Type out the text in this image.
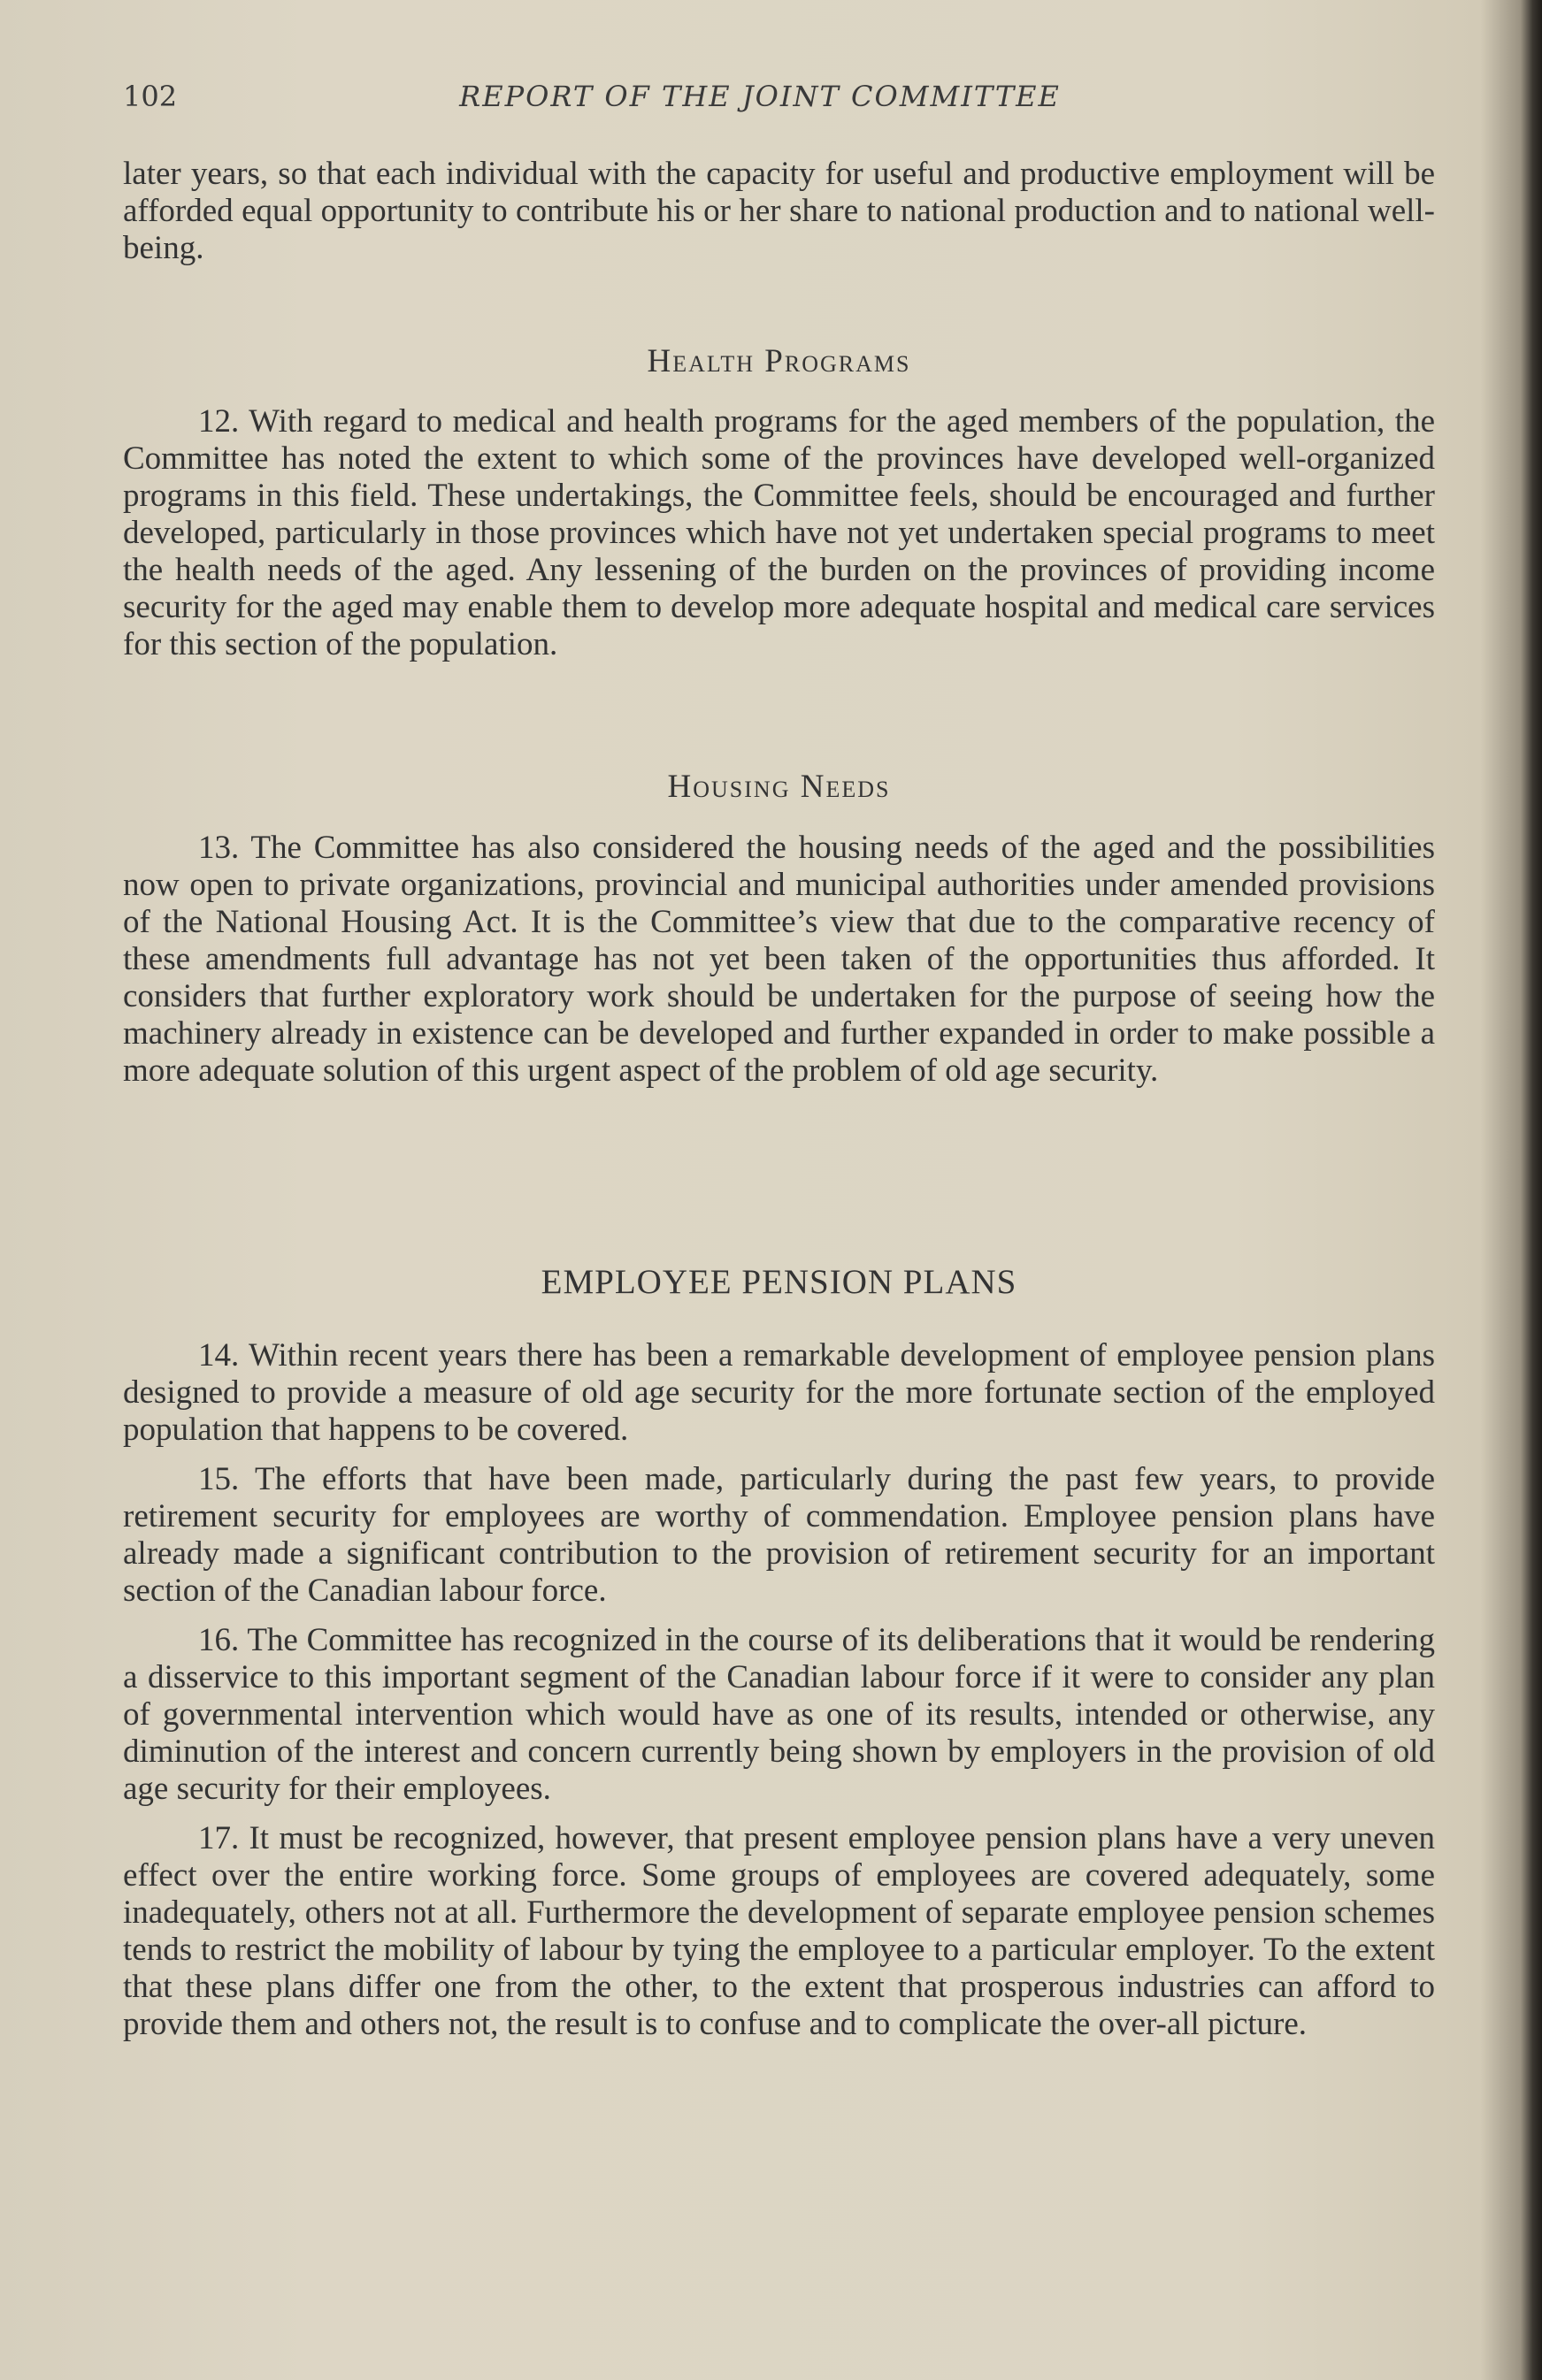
102	REPORT OF THE JOINT COMMITTEE

later years, so that each individual with the capacity for useful and productive employment will be afforded equal opportunity to contribute his or her share to national production and to national well-being.

Health Programs

12. With regard to medical and health programs for the aged members of the population, the Committee has noted the extent to which some of the provinces have developed well-organized programs in this field. These undertakings, the Committee feels, should be encouraged and further developed, particularly in those provinces which have not yet undertaken special programs to meet the health needs of the aged. Any lessening of the burden on the provinces of providing income security for the aged may enable them to develop more adequate hospital and medical care services for this section of the population.

Housing Needs

13. The Committee has also considered the housing needs of the aged and the possibilities now open to private organizations, provincial and municipal authorities under amended provisions of the National Housing Act. It is the Committee’s view that due to the comparative recency of these amendments full advantage has not yet been taken of the opportunities thus afforded. It considers that further exploratory work should be undertaken for the purpose of seeing how the machinery already in existence can be developed and further expanded in order to make possible a more adequate solution of this urgent aspect of the problem of old age security.

EMPLOYEE PENSION PLANS

14. Within recent years there has been a remarkable development of employee pension plans designed to provide a measure of old age security for the more fortunate section of the employed population that happens to be covered.

15. The efforts that have been made, particularly during the past few years, to provide retirement security for employees are worthy of commendation. Employee pension plans have already made a significant contribution to the provision of retirement security for an important section of the Canadian labour force.

16. The Committee has recognized in the course of its deliberations that it would be rendering a disservice to this important segment of the Canadian labour force if it were to consider any plan of governmental intervention which would have as one of its results, intended or otherwise, any diminution of the interest and concern currently being shown by employers in the provision of old age security for their employees.

17. It must be recognized, however, that present employee pension plans have a very uneven effect over the entire working force. Some groups of employees are covered adequately, some inadequately, others not at all. Furthermore the development of separate employee pension schemes tends to restrict the mobility of labour by tying the employee to a particular employer. To the extent that these plans differ one from the other, to the extent that prosperous industries can afford to provide them and others not, the result is to confuse and to complicate the over-all picture.
